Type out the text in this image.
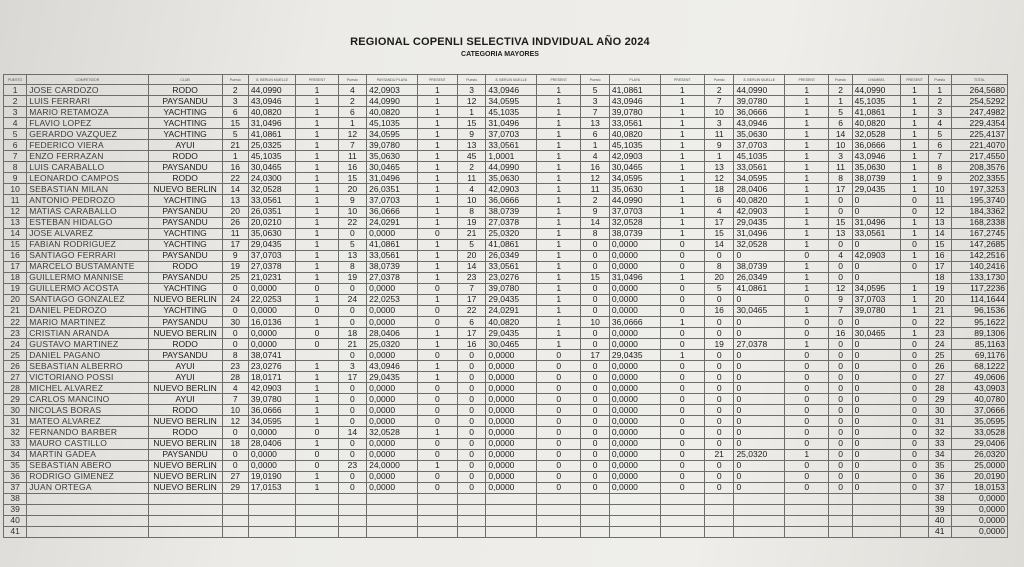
REGIONAL COPENLI SELECTIVA INDVIDUAL AÑO 2024
CATEGORIA MAYORES
PUESTO	COMPETIDOR	CLUB	Puesto	8. BERLIN MUELLE	PRESENT	Puesto	PAYSANDU PLAYA	PRESENT	Puesto	8. BERLIN MUELLE	PRESENT	Puesto	PLAYA	PRESENT	Puesto	8. BERLIN MUELLE	PRESENT	Puesto	CHAMBEL	PRESENT	Puesto	TOTAL
1	JOSE CARDOZO	RODO	2	44,0990	1	4	42,0903	1	3	43,0946	1	5	41,0861	1	2	44,0990	1	2	44,0990	1	1	264,5680
2	LUIS FERRARI	PAYSANDU	3	43,0946	1	2	44,0990	1	12	34,0595	1	3	43,0946	1	7	39,0780	1	1	45,1035	1	2	254,5292
3	MARIO RETAMOZA	YACHTING	6	40,0820	1	6	40,0820	1	1	45,1035	1	7	39,0780	1	10	36,0666	1	5	41,0861	1	3	247,4982
4	FLAVIO LOPEZ	YACHTING	15	31,0496	1	1	45,1035	1	15	31,0496	1	13	33,0561	1	3	43,0946	1	6	40,0820	1	4	229,4354
5	GERARDO VAZQUEZ	YACHTING	5	41,0861	1	12	34,0595	1	9	37,0703	1	6	40,0820	1	11	35,0630	1	14	32,0528	1	5	225,4137
6	FEDERICO VIERA	AYUI	21	25,0325	1	7	39,0780	1	13	33,0561	1	1	45,1035	1	9	37,0703	1	10	36,0666	1	6	221,4070
7	ENZO FERRAZAN	RODO	1	45,1035	1	11	35,0630	1	45	1,0001	1	4	42,0903	1	1	45,1035	1	3	43,0946	1	7	217,4550
8	LUIS CARABALLO	PAYSANDU	16	30,0465	1	16	30,0465	1	2	44,0990	1	16	30,0465	1	13	33,0561	1	11	35,0630	1	8	208,3576
9	LEONARDO CAMPOS	RODO	22	24,0300	1	15	31,0496	1	11	35,0630	1	12	34,0595	1	12	34,0595	1	8	38,0739	1	9	202,3355
10	SEBASTIAN MILAN	NUEVO BERLIN	14	32,0528	1	20	26,0351	1	4	42,0903	1	11	35,0630	1	18	28,0406	1	17	29,0435	1	10	197,3253
11	ANTONIO PEDROZO	YACHTING	13	33,0561	1	9	37,0703	1	10	36,0666	1	2	44,0990	1	6	40,0820	1	0	0	0	11	195,3740
12	MATIAS CARABALLO	PAYSANDU	20	26,0351	1	10	36,0666	1	8	38,0739	1	9	37,0703	1	4	42,0903	1	0	0	0	12	184,3362
13	ESTEBAN HIDALGO	PAYSANDU	26	20,0210	1	22	24,0291	1	19	27,0378	1	14	32,0528	1	17	29,0435	1	15	31,0496	1	13	168,2338
14	JOSE ALVAREZ	YACHTING	11	35,0630	1	0	0,0000	0	21	25,0320	1	8	38,0739	1	15	31,0496	1	13	33,0561	1	14	167,2745
15	FABIAN RODRIGUEZ	YACHTING	17	29,0435	1	5	41,0861	1	5	41,0861	1	0	0,0000	0	14	32,0528	1	0	0	0	15	147,2685
16	SANTIAGO FERRARI	PAYSANDU	9	37,0703	1	13	33,0561	1	20	26,0349	1	0	0,0000	0	0	0	0	4	42,0903	1	16	142,2516
17	MARCELO BUSTAMANTE	RODO	19	27,0378	1	8	38,0739	1	14	33,0561	1	0	0,0000	0	8	38,0739	1	0	0	0	17	140,2416
18	GUILLERMO MANNISE	PAYSANDU	25	21,0231	1	19	27,0378	1	23	23,0276	1	15	31,0496	1	20	26,0349	1	0	0		18	133,1730
19	GUILLERMO ACOSTA	YACHTING	0	0,0000	0	0	0,0000	0	7	39,0780	1	0	0,0000	0	5	41,0861	1	12	34,0595	1	19	117,2236
20	SANTIAGO GONZALEZ	NUEVO BERLIN	24	22,0253	1	24	22,0253	1	17	29,0435	1	0	0,0000	0	0	0	0	9	37,0703	1	20	114,1644
21	DANIEL PEDROZO	YACHTING	0	0,0000	0	0	0,0000	0	22	24,0291	1	0	0,0000	0	16	30,0465	1	7	39,0780	1	21	96,1536
22	MARIO MARTINEZ	PAYSANDU	30	16,0136	1	0	0,0000	0	6	40,0820	1	10	36,0666	1	0	0	0	0	0	0	22	95,1622
23	CRISTIAN ARANDA	NUEVO BERLIN	0	0,0000	0	18	28,0406	1	17	29,0435	1	0	0,0000	0	0	0	0	16	30,0465	1	23	89,1306
24	GUSTAVO MARTINEZ	RODO	0	0,0000	0	21	25,0320	1	16	30,0465	1	0	0,0000	0	19	27,0378	1	0	0	0	24	85,1163
25	DANIEL PAGANO	PAYSANDU	8	38,0741		0	0,0000	0	0	0,0000	0	17	29,0435	1	0	0	0	0	0	0	25	69,1176
26	SEBASTIAN ALBERRO	AYUI	23	23,0276	1	3	43,0946	1	0	0,0000	0	0	0,0000	0	0	0	0	0	0	0	26	68,1222
27	VICTORIANO POSSI	AYUI	28	18,0171	1	17	29,0435	1	0	0,0000	0	0	0,0000	0	0	0	0	0	0	0	27	49,0606
28	MICHEL ALVAREZ	NUEVO BERLIN	4	42,0903	1	0	0,0000	0	0	0,0000	0	0	0,0000	0	0	0	0	0	0	0	28	43,0903
29	CARLOS MANCINO	AYUI	7	39,0780	1	0	0,0000	0	0	0,0000	0	0	0,0000	0	0	0	0	0	0	0	29	40,0780
30	NICOLAS BORAS	RODO	10	36,0666	1	0	0,0000	0	0	0,0000	0	0	0,0000	0	0	0	0	0	0	0	30	37,0666
31	MATEO ALVAREZ	NUEVO BERLIN	12	34,0595	1	0	0,0000	0	0	0,0000	0	0	0,0000	0	0	0	0	0	0	0	31	35,0595
32	FERNANDO BARBER	RODO	0	0,0000	0	14	32,0528	1	0	0,0000	0	0	0,0000	0	0	0	0	0	0	0	32	33,0528
33	MAURO CASTILLO	NUEVO BERLIN	18	28,0406	1	0	0,0000	0	0	0,0000	0	0	0,0000	0	0	0	0	0	0	0	33	29,0406
34	MARTIN GADEA	PAYSANDU	0	0,0000	0	0	0,0000	0	0	0,0000	0	0	0,0000	0	21	25,0320	1	0	0	0	34	26,0320
35	SEBASTIAN ABERO	NUEVO BERLIN	0	0,0000	0	23	24,0000	1	0	0,0000	0	0	0,0000	0	0	0	0	0	0	0	35	25,0000
36	RODRIGO GIMENEZ	NUEVO BERLIN	27	19,0190	1	0	0,0000	0	0	0,0000	0	0	0,0000	0	0	0	0	0	0	0	36	20,0190
37	JUAN ORTEGA	NUEVO BERLIN	29	17,0153	1	0	0,0000	0	0	0,0000	0	0	0,0000	0	0	0	0	0	0	0	37	18,0153
38																					38	0,0000
39																					39	0,0000
40																					40	0,0000
41																					41	0,0000
